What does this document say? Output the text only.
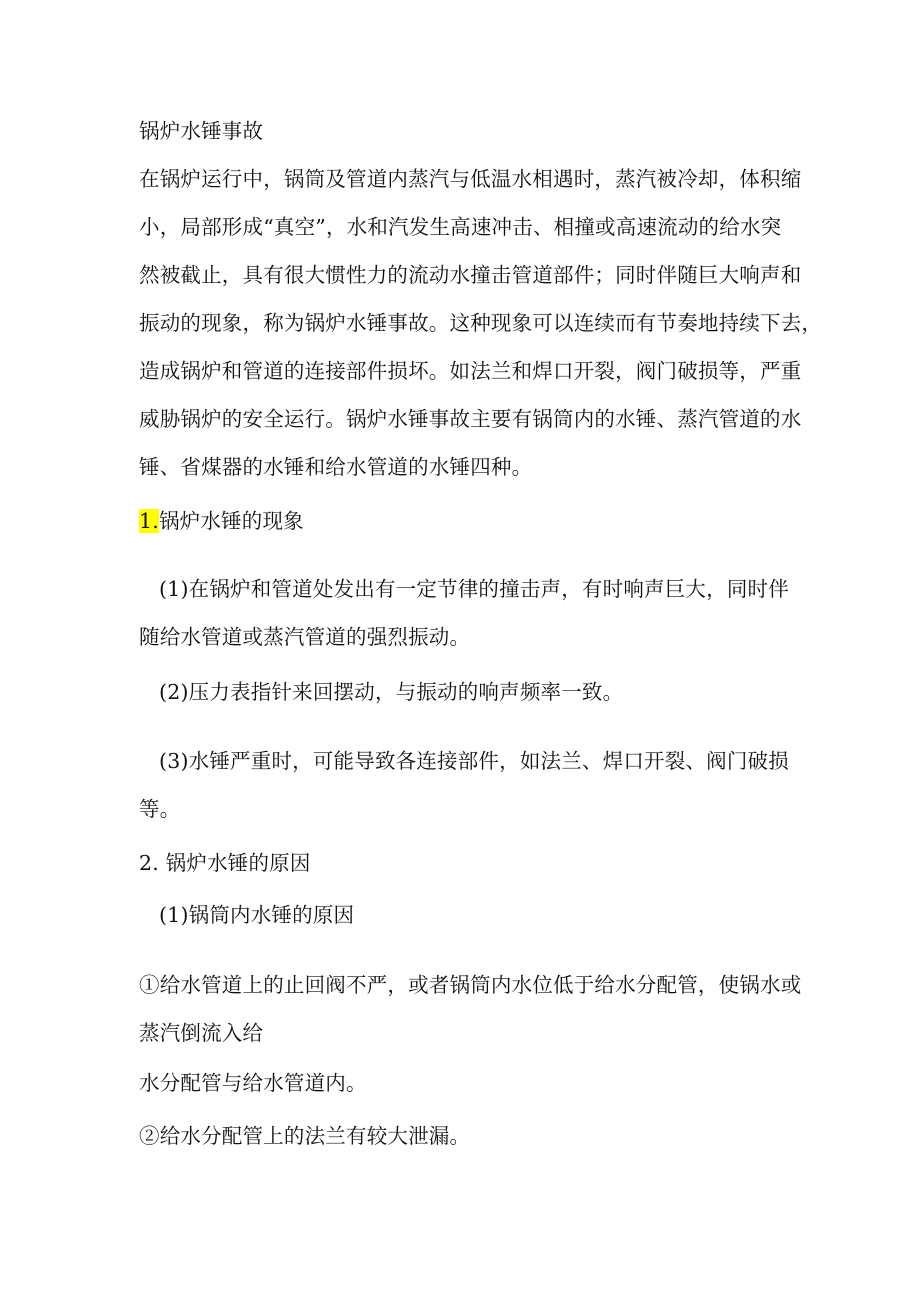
锅炉水锤事故
在锅炉运行中，锅筒及管道内蒸汽与低温水相遇时，蒸汽被冷却，体积缩
小，局部形成“真空”，水和汽发生高速冲击、相撞或高速流动的给水突
然被截止，具有很大惯性力的流动水撞击管道部件；同时伴随巨大响声和
振动的现象，称为锅炉水锤事故。这种现象可以连续而有节奏地持续下去，
造成锅炉和管道的连接部件损坏。如法兰和焊口开裂，阀门破损等，严重
威胁锅炉的安全运行。锅炉水锤事故主要有锅筒内的水锤、蒸汽管道的水
锤、省煤器的水锤和给水管道的水锤四种。
1.锅炉水锤的现象
(1)在锅炉和管道处发出有一定节律的撞击声，有时响声巨大，同时伴
随给水管道或蒸汽管道的强烈振动。
(2)压力表指针来回摆动，与振动的响声频率一致。
(3)水锤严重时，可能导致各连接部件，如法兰、焊口开裂、阀门破损
等。
2. 锅炉水锤的原因
(1)锅筒内水锤的原因
①给水管道上的止回阀不严，或者锅筒内水位低于给水分配管，使锅水或
蒸汽倒流入给
水分配管与给水管道内。
②给水分配管上的法兰有较大泄漏。
